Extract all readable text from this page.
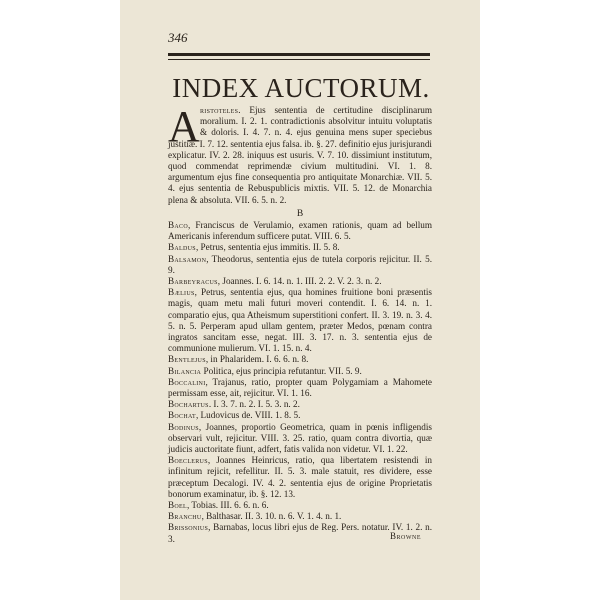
346
INDEX AUCTORUM.
A ristoteles. Ejus sententia de certitudine disciplinarum moralium. I. 2. 1. contradictionis absolvitur intuitu voluptatis & doloris. I. 4. 7. n. 4. ejus genuina mens super speciebus justitiæ. I. 7. 12. sententia ejus falsa. ib. §. 27. definitio ejus jurisjurandi explicatur. IV. 2. 28. iniquus est usuris. V. 7. 10. dissimiunt institutum, quod commendat reprimendæ civium multitudini. VI. 1. 8. argumentum ejus fine consequentia pro antiquitate Monarchiæ. VII. 5. 4. ejus sententia de Rebuspublicis mixtis. VII. 5. 12. de Monarchia plena & absoluta. VII. 6. 5. n. 2.
B
Baco, Franciscus de Verulamio, examen rationis, quam ad bellum Americanis inferendum sufficere putat. VIII. 6. 5.
Baldus, Petrus, sententia ejus immitis. II. 5. 8.
Balsamon, Theodorus, sententia ejus de tutela corporis rejicitur. II. 5. 9.
Barbeyracus, Joannes. I. 6. 14. n. 1. III. 2. 2. V. 2. 3. n. 2.
Bælius, Petrus, sententia ejus, qua homines fruitione boni præsentis magis, quam metu mali futuri moveri contendit. I. 6. 14. n. 1. comparatio ejus, qua Atheismum superstitioni confert. II. 3. 19. n. 3. 4. 5. n. 5. Perperam apud ullam gentem, præter Medos, pœnam contra ingratos sancitam esse, negat. III. 3. 17. n. 3. sententia ejus de communione mulierum. VI. 1. 15. n. 4.
Bentlejus, in Phalaridem. I. 6. 6. n. 8.
Bilancia Politica, ejus principia refutantur. VII. 5. 9.
Boccalini, Trajanus, ratio, propter quam Polygamiam a Mahomete permissam esse, ait, rejicitur. VI. 1. 16.
Bochartus. I. 3. 7. n. 2. I. 5. 3. n. 2.
Bochat, Ludovicus de. VIII. 1. 8. 5.
Bodinus, Joannes, proportio Geometrica, quam in pœnis infligendis observari vult, rejicitur. VIII. 3. 25. ratio, quam contra divortia, quæ judicis auctoritate fiunt, adfert, fatis valida non videtur. VI. 1. 22.
Boeclerus, Joannes Heinricus, ratio, qua libertatem resistendi in infinitum rejicit, refellitur. II. 5. 3. male statuit, res dividere, esse præceptum Decalogi. IV. 4. 2. sententia ejus de origine Proprietatis bonorum examinatur, ib. §. 12. 13.
Boel, Tobias. III. 6. 6. n. 6.
Branchu, Balthasar. II. 3. 10. n. 6. V. 1. 4. n. 1.
Brissonius, Barnabas, locus libri ejus de Reg. Pers. notatur. IV. 1. 2. n. 3.	Browne
